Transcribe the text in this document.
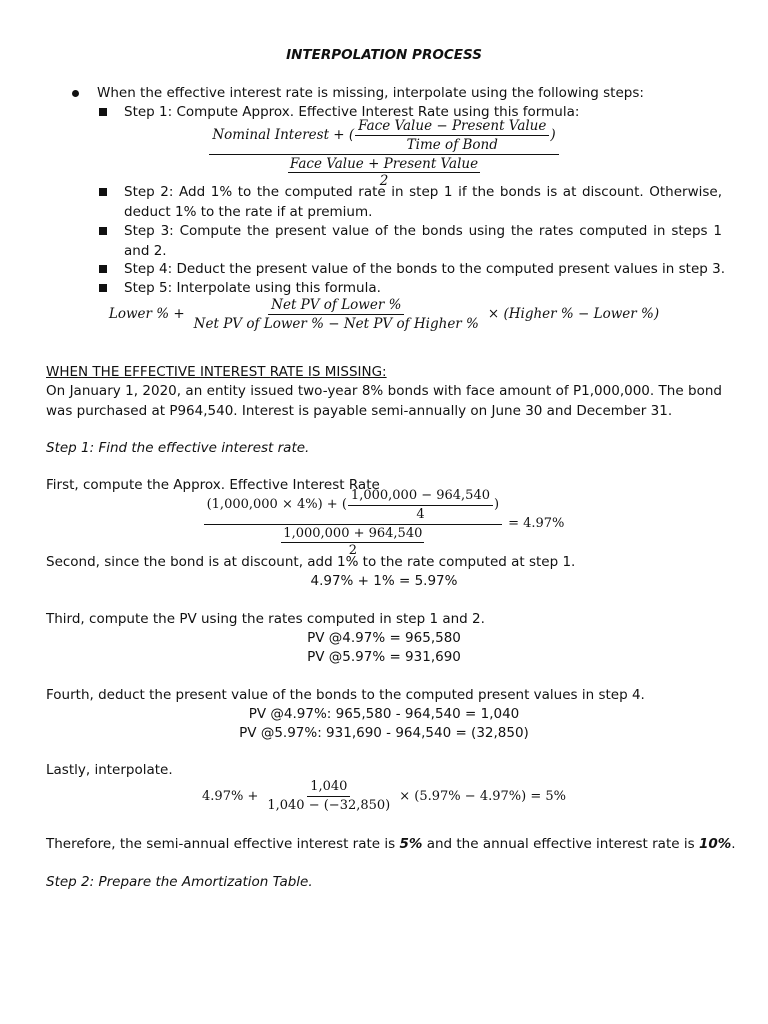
INTERPOLATION PROCESS
When the effective interest rate is missing, interpolate using the following steps:
Step 1: Compute Approx. Effective Interest Rate using this formula:
Nominal Interest + ( $\frac{\text{Face Value − Present Value}}{\text{Time of Bond}}$ )
Face Value + Present Value
2
Step 2: Add 1% to the computed rate in step 1 if the bonds is at discount. Otherwise, deduct 1% to the rate if at premium.
Step 3: Compute the present value of the bonds using the rates computed in steps 1 and 2.
Step 4: Deduct the present value of the bonds to the computed present values in step 3.
Step 5: Interpolate using this formula.
Lower % + $\frac{\text{Net PV of Lower \%}}{\text{Net PV of Lower \% − Net PV of Higher \%}}$ × (Higher % − Lower %)
WHEN THE EFFECTIVE INTEREST RATE IS MISSING:
On January 1, 2020, an entity issued two-year 8% bonds with face amount of P1,000,000. The bond was purchased at P964,540. Interest is payable semi-annually on June 30 and December 31.
Step 1: Find the effective interest rate.
First, compute the Approx. Effective Interest Rate
(1,000,000 × 4%) + ( $\frac{1,000,000 - 964,540}{4}$ )
1,000,000 + 964,540
2
= 4.97%
Second, since the bond is at discount, add 1% to the rate computed at step 1.
4.97% + 1% = 5.97%
Third, compute the PV using the rates computed in step 1 and 2.
PV @4.97% = 965,580
PV @5.97% = 931,690
Fourth, deduct the present value of the bonds to the computed present values in step 4.
PV @4.97%: 965,580 - 964,540 = 1,040
PV @5.97%: 931,690 - 964,540 = (32,850)
Lastly, interpolate.
$4.97\% + \frac{1,040}{1,040 - (-32,850)} \times (5.97\% - 4.97\%) = 5\%$
Therefore, the semi-annual effective interest rate is 5% and the annual effective interest rate is 10%.
Step 2: Prepare the Amortization Table.
